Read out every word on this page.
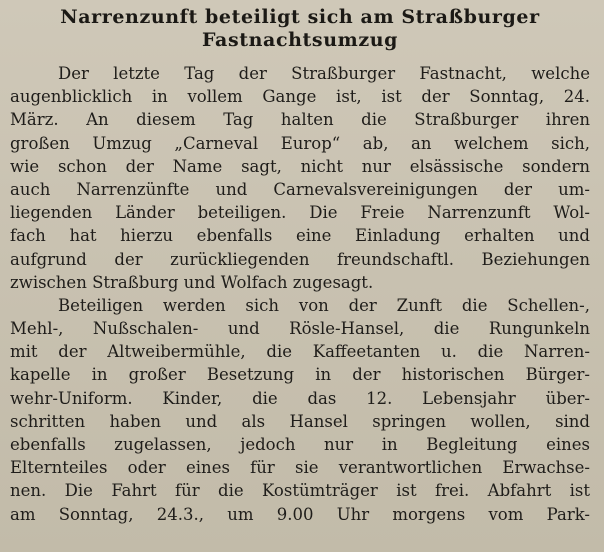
Narrenzunft beteiligt sich am Straßburger
Fastnachtsumzug
Der letzte Tag der Straßburger Fastnacht, welche
augenblicklich in vollem Gange ist, ist der Sonntag, 24.
März. An diesem Tag halten die Straßburger ihren
großen Umzug „Carneval Europ“ ab, an welchem sich,
wie schon der Name sagt, nicht nur elsässische sondern
auch Narrenzünfte und Carnevalsvereinigungen der um-
liegenden Länder beteiligen. Die Freie Narrenzunft Wol-
fach hat hierzu ebenfalls eine Einladung erhalten und
aufgrund der zurückliegenden freundschaftl. Beziehungen
zwischen Straßburg und Wolfach zugesagt.
Beteiligen werden sich von der Zunft die Schellen-,
Mehl-, Nußschalen- und Rösle-Hansel, die Rungunkeln
mit der Altweibermühle, die Kaffeetanten u. die Narren-
kapelle in großer Besetzung in der historischen Bürger-
wehr-Uniform. Kinder, die das 12. Lebensjahr über-
schritten haben und als Hansel springen wollen, sind
ebenfalls zugelassen, jedoch nur in Begleitung eines
Elternteiles oder eines für sie verantwortlichen Erwachse-
nen. Die Fahrt für die Kostümträger ist frei. Abfahrt ist
am Sonntag, 24.3., um 9.00 Uhr morgens vom Park-
